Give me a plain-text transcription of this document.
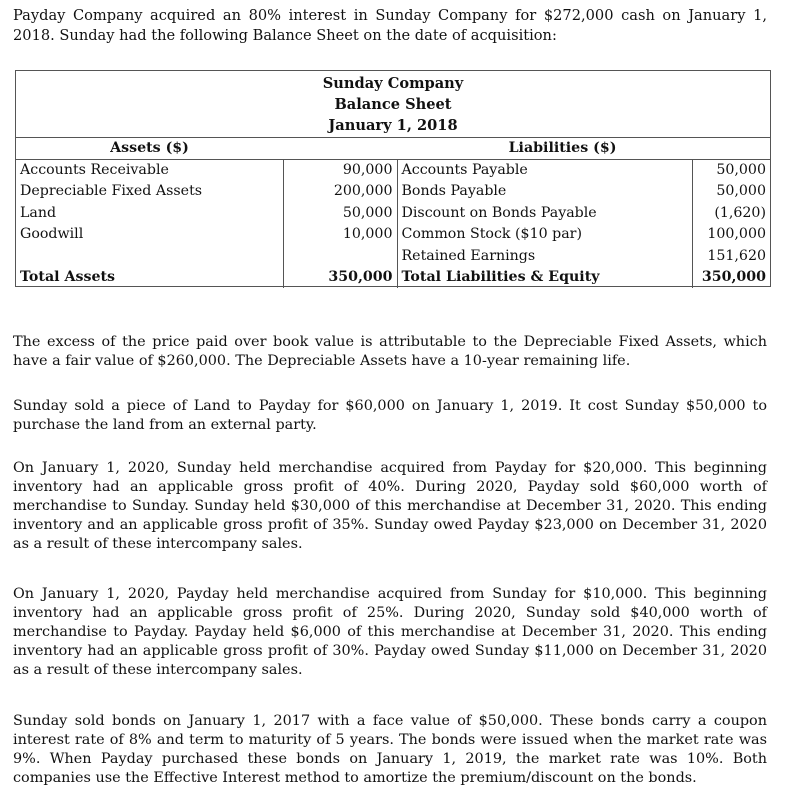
Payday Company acquired an 80% interest in Sunday Company for $272,000 cash on January 1, 2018. Sunday had the following Balance Sheet on the date of acquisition:

Sunday Company
Balance Sheet
January 1, 2018
Assets ($)		Liabilities ($)	
Accounts Receivable	90,000	Accounts Payable	50,000
Depreciable Fixed Assets	200,000	Bonds Payable	50,000
Land	50,000	Discount on Bonds Payable	(1,620)
Goodwill	10,000	Common Stock ($10 par)	100,000
		Retained Earnings	151,620
Total Assets	350,000	Total Liabilities & Equity	350,000

The excess of the price paid over book value is attributable to the Depreciable Fixed Assets, which have a fair value of $260,000. The Depreciable Assets have a 10-year remaining life.

Sunday sold a piece of Land to Payday for $60,000 on January 1, 2019. It cost Sunday $50,000 to purchase the land from an external party.

On January 1, 2020, Sunday held merchandise acquired from Payday for $20,000. This beginning inventory had an applicable gross profit of 40%. During 2020, Payday sold $60,000 worth of merchandise to Sunday. Sunday held $30,000 of this merchandise at December 31, 2020. This ending inventory and an applicable gross profit of 35%. Sunday owed Payday $23,000 on December 31, 2020 as a result of these intercompany sales.

On January 1, 2020, Payday held merchandise acquired from Sunday for $10,000. This beginning inventory had an applicable gross profit of 25%. During 2020, Sunday sold $40,000 worth of merchandise to Payday. Payday held $6,000 of this merchandise at December 31, 2020. This ending inventory had an applicable gross profit of 30%. Payday owed Sunday $11,000 on December 31, 2020 as a result of these intercompany sales.

Sunday sold bonds on January 1, 2017 with a face value of $50,000. These bonds carry a coupon interest rate of 8% and term to maturity of 5 years. The bonds were issued when the market rate was 9%. When Payday purchased these bonds on January 1, 2019, the market rate was 10%. Both companies use the Effective Interest method to amortize the premium/discount on the bonds.
